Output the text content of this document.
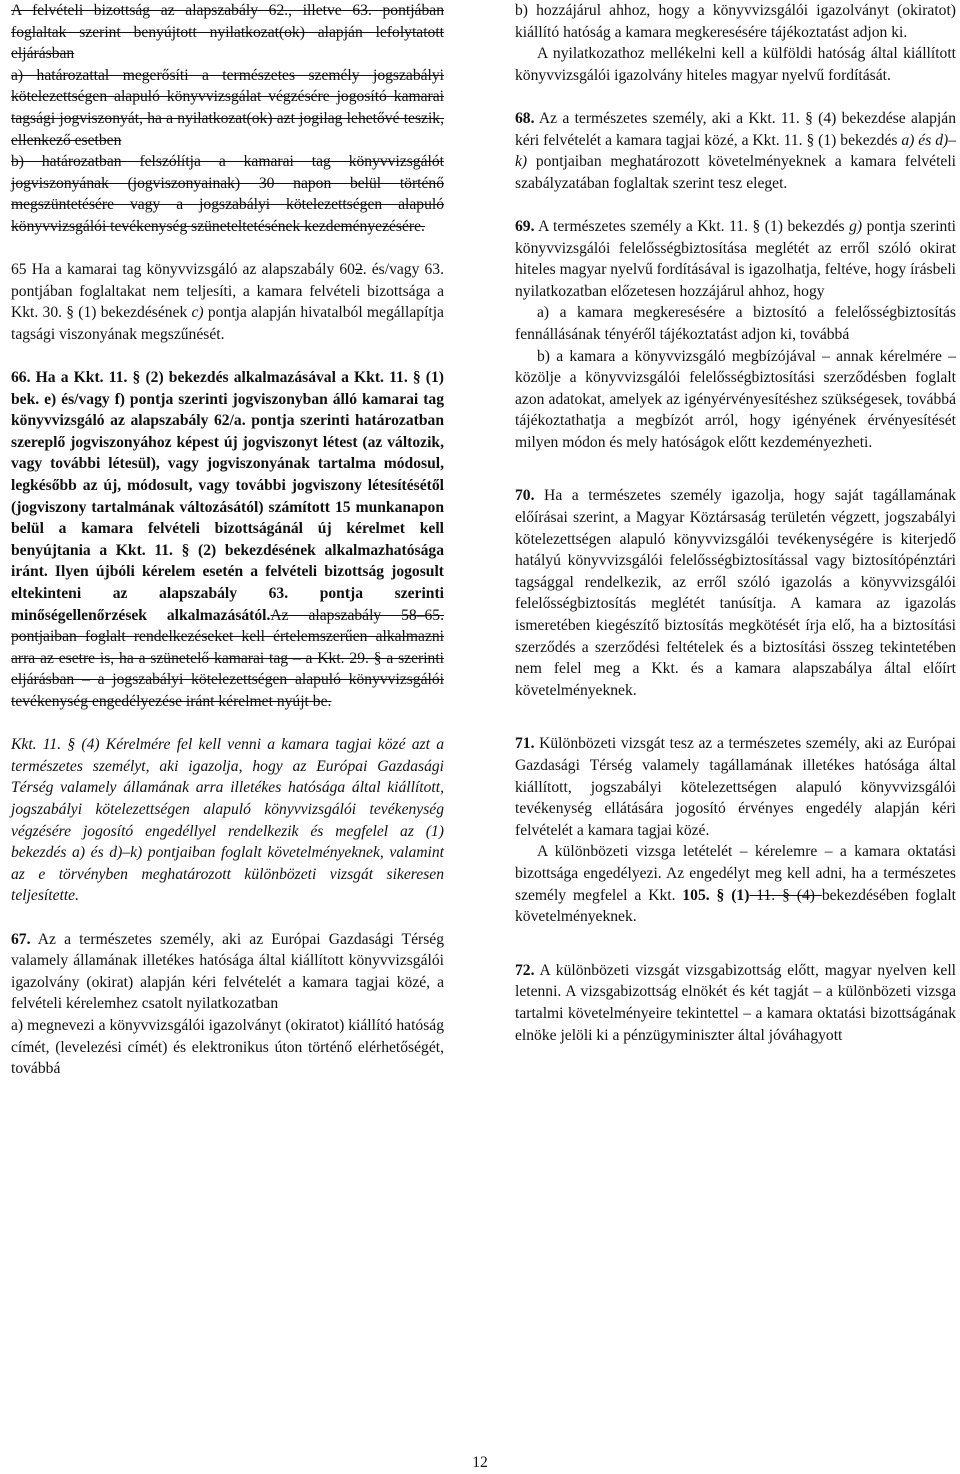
A felvételi bizottság az alapszabály 62., illetve 63. pontjában foglaltak szerint benyújtott nyilatkozat(ok) alapján lefolytatott eljárásban

a) határozattal megerősíti a természetes személy jogszabályi kötelezettségen alapuló könyvvizsgálat végzésére jogosító kamarai tagsági jogviszonyát, ha a nyilatkozat(ok) azt jogilag lehetővé teszik, ellenkező esetben

b) határozatban felszólítja a kamarai tag könyvvizsgálót jogviszonyának (jogviszonyainak) 30 napon belül történő megszüntetésére vagy a jogszabályi kötelezettségen alapuló könyvvizsgálói tevékenység szüneteltetésének kezdeményezésére.

65 Ha a kamarai tag könyvvizsgáló az alapszabály 602. és/vagy 63. pontjában foglaltakat nem teljesíti, a kamara felvételi bizottsága a Kkt. 30. § (1) bekezdésének c) pontja alapján hivatalból megállapítja tagsági viszonyának megszűnését.

66. Ha a Kkt. 11. § (2) bekezdés alkalmazásával a Kkt. 11. § (1) bek. e) és/vagy f) pontja szerinti jogviszonyban álló kamarai tag könyvvizsgáló az alapszabály 62/a. pontja szerinti határozatban szereplő jogviszonyához képest új jogviszonyt létest (az változik, vagy további létesül), vagy jogviszonyának tartalma módosul, legkésőbb az új, módosult, vagy további jogviszony létesítésétől (jogviszony tartalmának változásától) számított 15 munkanapon belül a kamara felvételi bizottságánál új kérelmet kell benyújtania a Kkt. 11. § (2) bekezdésének alkalmazhatósága iránt. Ilyen újbóli kérelem esetén a felvételi bizottság jogosult eltekinteni az alapszabály 63. pontja szerinti minőségellenőrzések alkalmazásától.Az alapszabály 58–65. pontjaiban foglalt rendelkezéseket kell értelemszerűen alkalmazni arra az esetre is, ha a szünetelő kamarai tag – a Kkt. 29. § a szerinti eljárásban – a jogszabályi kötelezettségen alapuló könyvvizsgálói tevékenység engedélyezése iránt kérelmet nyújt be.

Kkt. 11. § (4) Kérelmére fel kell venni a kamara tagjai közé azt a természetes személyt, aki igazolja, hogy az Európai Gazdasági Térség valamely államának arra illetékes hatósága által kiállított, jogszabályi kötelezettségen alapuló könyvvizsgálói tevékenység végzésére jogosító engedéllyel rendelkezik és megfelel az (1) bekezdés a) és d)–k) pontjaiban foglalt követelményeknek, valamint az e törvényben meghatározott különbözeti vizsgát sikeresen teljesítette.

67. Az a természetes személy, aki az Európai Gazdasági Térség valamely államának illetékes hatósága által kiállított könyvvizsgálói igazolvány (okirat) alapján kéri felvételét a kamara tagjai közé, a felvételi kérelemhez csatolt nyilatkozatban

a) megnevezi a könyvvizsgálói igazolványt (okiratot) kiállító hatóság címét, (levelezési címét) és elektronikus úton történő elérhetőségét, továbbá

b) hozzájárul ahhoz, hogy a könyvvizsgálói igazolványt (okiratot) kiállító hatóság a kamara megkeresésére tájékoztatást adjon ki.

A nyilatkozathoz mellékelni kell a külföldi hatóság által kiállított könyvvizsgálói igazolvány hiteles magyar nyelvű fordítását.

68. Az a természetes személy, aki a Kkt. 11. § (4) bekezdése alapján kéri felvételét a kamara tagjai közé, a Kkt. 11. § (1) bekezdés a) és d)–k) pontjaiban meghatározott követelményeknek a kamara felvételi szabályzatában foglaltak szerint tesz eleget.

69. A természetes személy a Kkt. 11. § (1) bekezdés g) pontja szerinti könyvvizsgálói felelősségbiztosítása meglétét az erről szóló okirat hiteles magyar nyelvű fordításával is igazolhatja, feltéve, hogy írásbeli nyilatkozatban előzetesen hozzájárul ahhoz, hogy

a) a kamara megkeresésére a biztosító a felelősségbiztosítás fennállásának tényéről tájékoztatást adjon ki, továbbá

b) a kamara a könyvvizsgáló megbízójával – annak kérelmére – közölje a könyvvizsgálói felelősségbiztosítási szerződésben foglalt azon adatokat, amelyek az igényérvényesítéshez szükségesek, továbbá tájékoztathatja a megbízót arról, hogy igényének érvényesítését milyen módon és mely hatóságok előtt kezdeményezheti.

70. Ha a természetes személy igazolja, hogy saját tagállamának előírásai szerint, a Magyar Köztársaság területén végzett, jogszabályi kötelezettségen alapuló könyvvizsgálói tevékenységére is kiterjedő hatályú könyvvizsgálói felelősségbiztosítással vagy biztosítópénztári tagsággal rendelkezik, az erről szóló igazolás a könyvvizsgálói felelősségbiztosítás meglétét tanúsítja. A kamara az igazolás ismeretében kiegészítő biztosítás megkötését írja elő, ha a biztosítási szerződés a szerződési feltételek és a biztosítási összeg tekintetében nem felel meg a Kkt. és a kamara alapszabálya által előírt követelményeknek.

71. Különbözeti vizsgát tesz az a természetes személy, aki az Európai Gazdasági Térség valamely tagállamának illetékes hatósága által kiállított, jogszabályi kötelezettségen alapuló könyvvizsgálói tevékenység ellátására jogosító érvényes engedély alapján kéri felvételét a kamara tagjai közé.

A különbözeti vizsga letételét – kérelemre – a kamara oktatási bizottsága engedélyezi. Az engedélyt meg kell adni, ha a természetes személy megfelel a Kkt. 105. § (1) 11. § (4) bekezdésében foglalt követelményeknek.

72. A különbözeti vizsgát vizsgabizottság előtt, magyar nyelven kell letenni. A vizsgabizottság elnökét és két tagját – a különbözeti vizsga tartalmi követelményeire tekintettel – a kamara oktatási bizottságának elnöke jelöli ki a pénzügyminiszter által jóváhagyott

12
